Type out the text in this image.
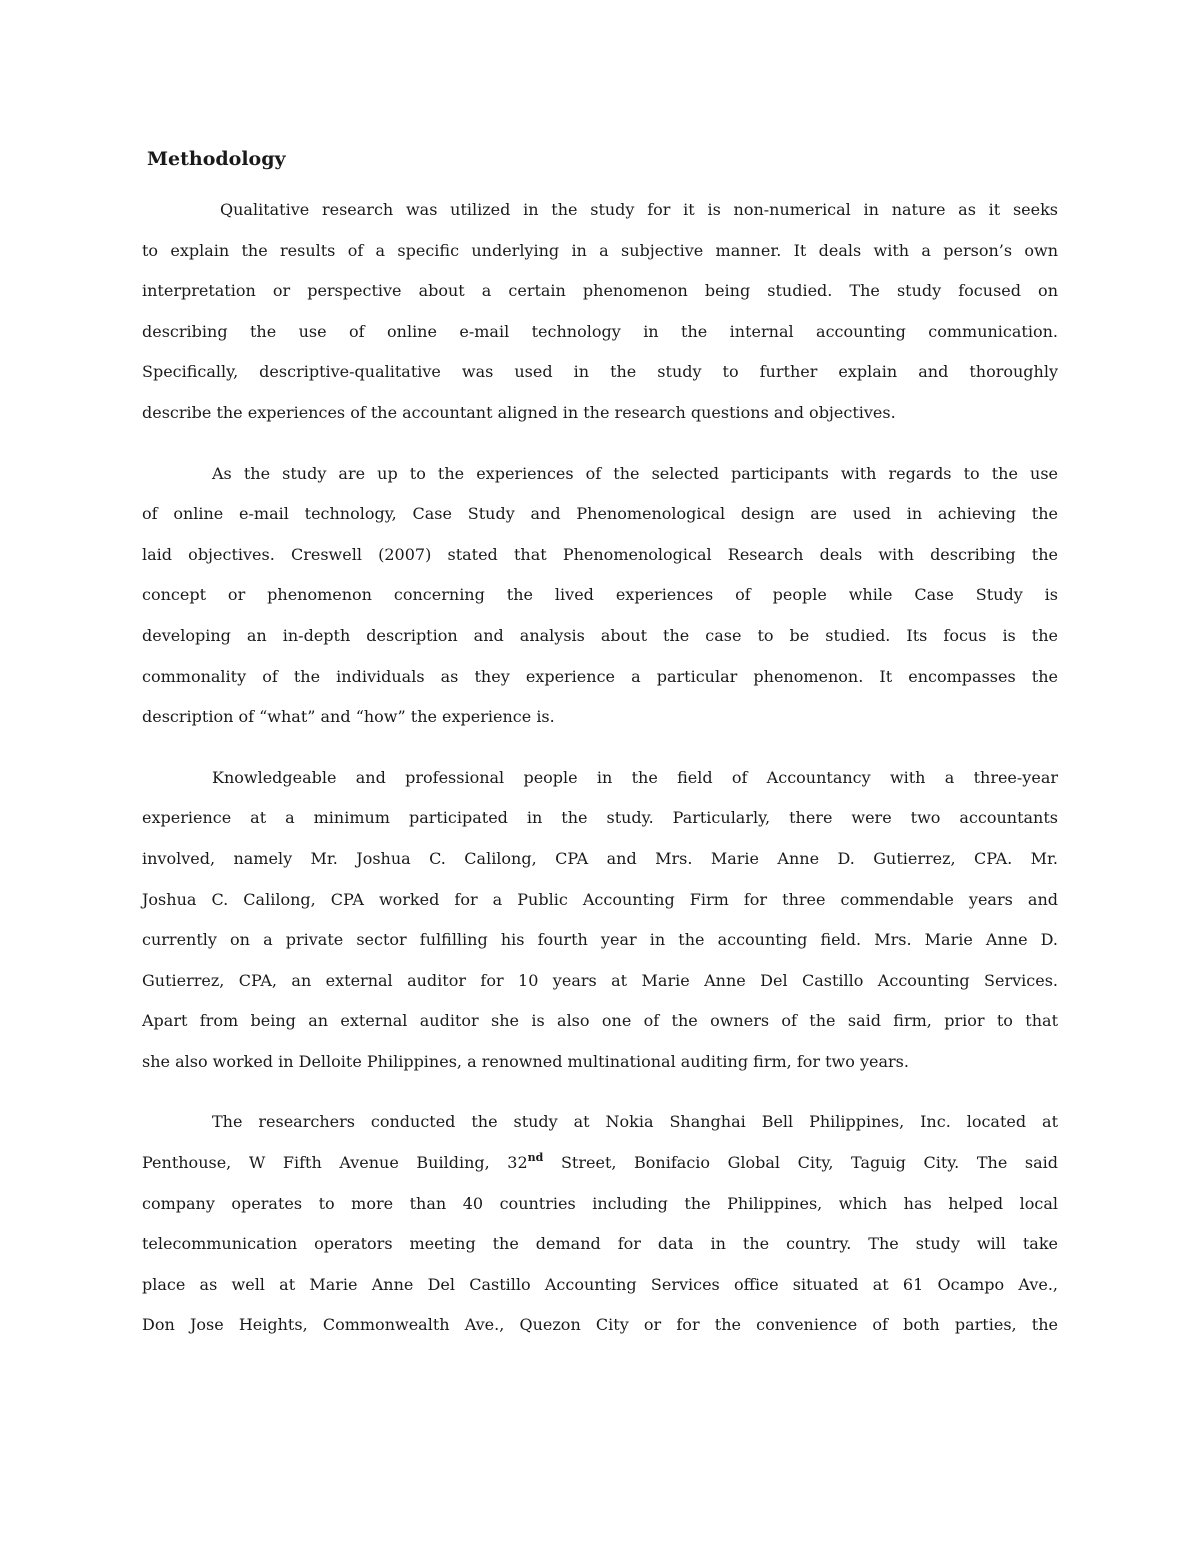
Methodology
Qualitative research was utilized in the study for it is non-numerical in nature as it seeks
to explain the results of a specific underlying in a subjective manner. It deals with a person’s own
interpretation or perspective about a certain phenomenon being studied. The study focused on
describing the use of online e-mail technology in the internal accounting communication.
Specifically, descriptive-qualitative was used in the study to further explain and thoroughly
describe the experiences of the accountant aligned in the research questions and objectives.
As the study are up to the experiences of the selected participants with regards to the use
of online e-mail technology, Case Study and Phenomenological design are used in achieving the
laid objectives. Creswell (2007) stated that Phenomenological Research deals with describing the
concept or phenomenon concerning the lived experiences of people while Case Study is
developing an in-depth description and analysis about the case to be studied. Its focus is the
commonality of the individuals as they experience a particular phenomenon. It encompasses the
description of “what” and “how” the experience is.
Knowledgeable and professional people in the field of Accountancy with a three-year
experience at a minimum participated in the study. Particularly, there were two accountants
involved, namely Mr. Joshua C. Calilong, CPA and Mrs. Marie Anne D. Gutierrez, CPA. Mr.
Joshua C. Calilong, CPA worked for a Public Accounting Firm for three commendable years and
currently on a private sector fulfilling his fourth year in the accounting field. Mrs. Marie Anne D.
Gutierrez, CPA, an external auditor for 10 years at Marie Anne Del Castillo Accounting Services.
Apart from being an external auditor she is also one of the owners of the said firm, prior to that
she also worked in Delloite Philippines, a renowned multinational auditing firm, for two years.
The researchers conducted the study at Nokia Shanghai Bell Philippines, Inc. located at
Penthouse, W Fifth Avenue Building, 32nd Street, Bonifacio Global City, Taguig City. The said
company operates to more than 40 countries including the Philippines, which has helped local
telecommunication operators meeting the demand for data in the country. The study will take
place as well at Marie Anne Del Castillo Accounting Services office situated at 61 Ocampo Ave.,
Don Jose Heights, Commonwealth Ave., Quezon City or for the convenience of both parties, the
